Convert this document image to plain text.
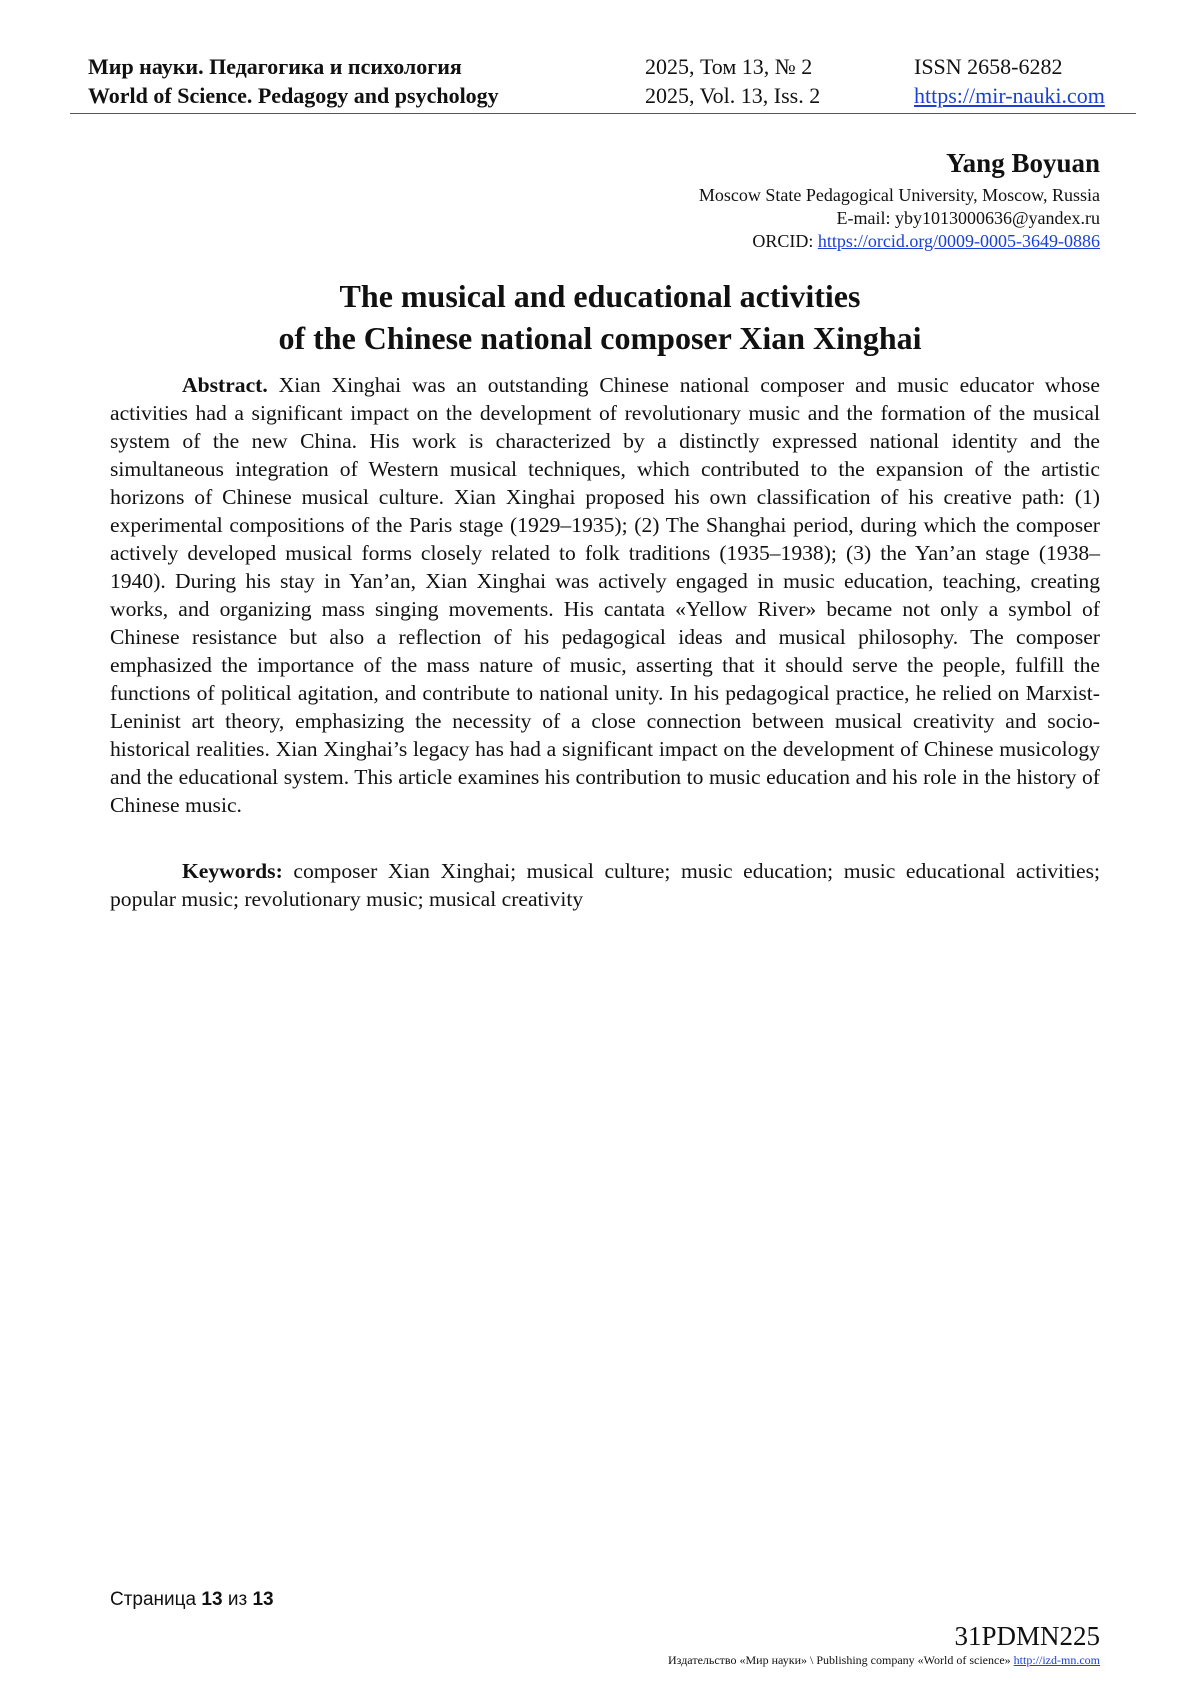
Мир науки. Педагогика и психология
World of Science. Pedagogy and psychology
2025, Том 13, № 2
2025, Vol. 13, Iss. 2
ISSN 2658-6282
https://mir-nauki.com
Yang Boyuan
Moscow State Pedagogical University, Moscow, Russia
E-mail: yby1013000636@yandex.ru
ORCID: https://orcid.org/0009-0005-3649-0886
The musical and educational activities
of the Chinese national composer Xian Xinghai

Abstract. Xian Xinghai was an outstanding Chinese national composer and music educator whose activities had a significant impact on the development of revolutionary music and the formation of the musical system of the new China. His work is characterized by a distinctly expressed national identity and the simultaneous integration of Western musical techniques, which contributed to the expansion of the artistic horizons of Chinese musical culture. Xian Xinghai proposed his own classification of his creative path: (1) experimental compositions of the Paris stage (1929–1935); (2) The Shanghai period, during which the composer actively developed musical forms closely related to folk traditions (1935–1938); (3) the Yan’an stage (1938–1940). During his stay in Yan’an, Xian Xinghai was actively engaged in music education, teaching, creating works, and organizing mass singing movements. His cantata «Yellow River» became not only a symbol of Chinese resistance but also a reflection of his pedagogical ideas and musical philosophy. The composer emphasized the importance of the mass nature of music, asserting that it should serve the people, fulfill the functions of political agitation, and contribute to national unity. In his pedagogical practice, he relied on Marxist-Leninist art theory, emphasizing the necessity of a close connection between musical creativity and socio-historical realities. Xian Xinghai’s legacy has had a significant impact on the development of Chinese musicology and the educational system. This article examines his contribution to music education and his role in the history of Chinese music.

Keywords: composer Xian Xinghai; musical culture; music education; music educational activities; popular music; revolutionary music; musical creativity

Страница 13 из 13
31PDMN225
Издательство «Мир науки» \ Publishing company «World of science» http://izd-mn.com
